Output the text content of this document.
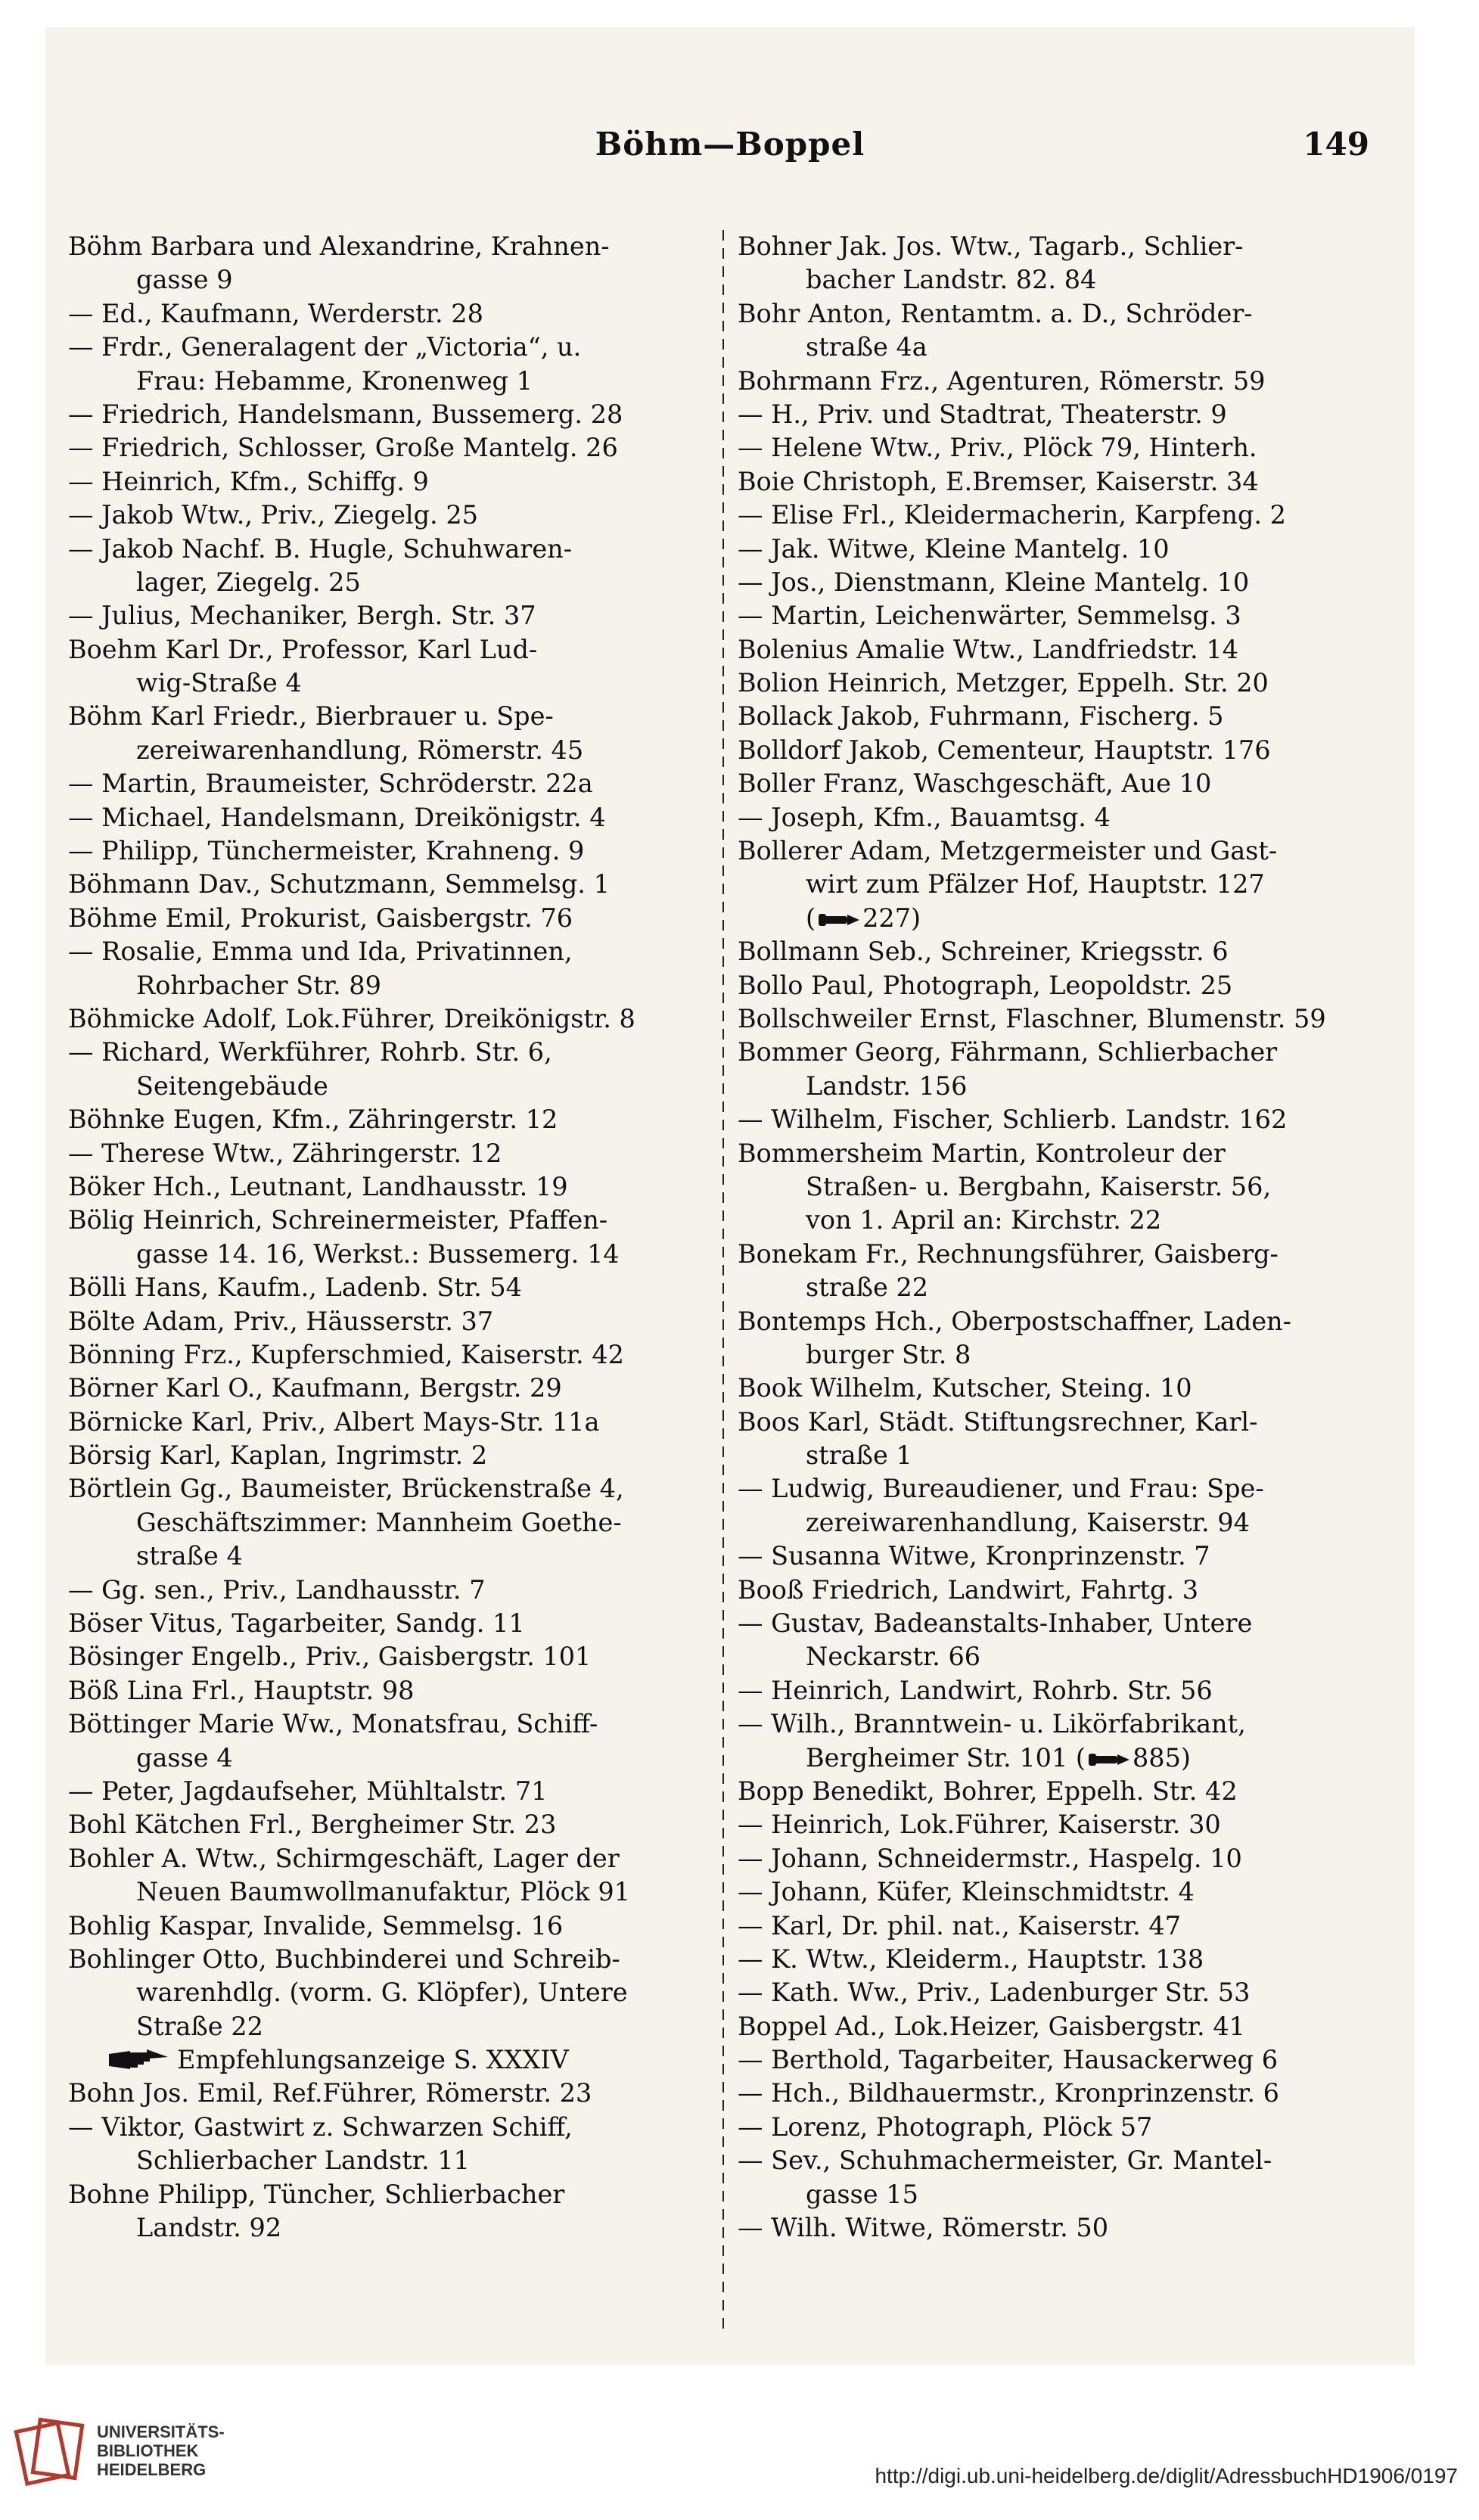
Böhm—Boppel	149
Böhm Barbara und Alexandrine, Krahnen-
gasse 9
— Ed., Kaufmann, Werderstr. 28
— Frdr., Generalagent der „Victoria“, u.
Frau: Hebamme, Kronenweg 1
— Friedrich, Handelsmann, Bussemerg. 28
— Friedrich, Schlosser, Große Mantelg. 26
— Heinrich, Kfm., Schiffg. 9
— Jakob Wtw., Priv., Ziegelg. 25
— Jakob Nachf. B. Hugle, Schuhwaren-
lager, Ziegelg. 25
— Julius, Mechaniker, Bergh. Str. 37
Boehm Karl Dr., Professor, Karl Lud-
wig-Straße 4
Böhm Karl Friedr., Bierbrauer u. Spe-
zereiwarenhandlung, Römerstr. 45
— Martin, Braumeister, Schröderstr. 22a
— Michael, Handelsmann, Dreikönigstr. 4
— Philipp, Tünchermeister, Krahneng. 9
Böhmann Dav., Schutzmann, Semmelsg. 1
Böhme Emil, Prokurist, Gaisbergstr. 76
— Rosalie, Emma und Ida, Privatinnen,
Rohrbacher Str. 89
Böhmicke Adolf, Lok.Führer, Dreikönigstr. 8
— Richard, Werkführer, Rohrb. Str. 6,
Seitengebäude
Böhnke Eugen, Kfm., Zähringerstr. 12
— Therese Wtw., Zähringerstr. 12
Böker Hch., Leutnant, Landhausstr. 19
Bölig Heinrich, Schreinermeister, Pfaffen-
gasse 14. 16, Werkst.: Bussemerg. 14
Bölli Hans, Kaufm., Ladenb. Str. 54
Bölte Adam, Priv., Häusserstr. 37
Bönning Frz., Kupferschmied, Kaiserstr. 42
Börner Karl O., Kaufmann, Bergstr. 29
Börnicke Karl, Priv., Albert Mays-Str. 11a
Börsig Karl, Kaplan, Ingrimstr. 2
Börtlein Gg., Baumeister, Brückenstraße 4,
Geschäftszimmer: Mannheim Goethe-
straße 4
— Gg. sen., Priv., Landhausstr. 7
Böser Vitus, Tagarbeiter, Sandg. 11
Bösinger Engelb., Priv., Gaisbergstr. 101
Böß Lina Frl., Hauptstr. 98
Böttinger Marie Ww., Monatsfrau, Schiff-
gasse 4
— Peter, Jagdaufseher, Mühltalstr. 71
Bohl Kätchen Frl., Bergheimer Str. 23
Bohler A. Wtw., Schirmgeschäft, Lager der
Neuen Baumwollmanufaktur, Plöck 91
Bohlig Kaspar, Invalide, Semmelsg. 16
Bohlinger Otto, Buchbinderei und Schreib-
warenhdlg. (vorm. G. Klöpfer), Untere
Straße 22
Empfehlungsanzeige S. XXXIV
Bohn Jos. Emil, Ref.Führer, Römerstr. 23
— Viktor, Gastwirt z. Schwarzen Schiff,
Schlierbacher Landstr. 11
Bohne Philipp, Tüncher, Schlierbacher
Landstr. 92
Bohner Jak. Jos. Wtw., Tagarb., Schlier-
bacher Landstr. 82. 84
Bohr Anton, Rentamtm. a. D., Schröder-
straße 4a
Bohrmann Frz., Agenturen, Römerstr. 59
— H., Priv. und Stadtrat, Theaterstr. 9
— Helene Wtw., Priv., Plöck 79, Hinterh.
Boie Christoph, E.Bremser, Kaiserstr. 34
— Elise Frl., Kleidermacherin, Karpfeng. 2
— Jak. Witwe, Kleine Mantelg. 10
— Jos., Dienstmann, Kleine Mantelg. 10
— Martin, Leichenwärter, Semmelsg. 3
Bolenius Amalie Wtw., Landfriedstr. 14
Bolion Heinrich, Metzger, Eppelh. Str. 20
Bollack Jakob, Fuhrmann, Fischerg. 5
Bolldorf Jakob, Cementeur, Hauptstr. 176
Boller Franz, Waschgeschäft, Aue 10
— Joseph, Kfm., Bauamtsg. 4
Bollerer Adam, Metzgermeister und Gast-
wirt zum Pfälzer Hof, Hauptstr. 127
( 227)
Bollmann Seb., Schreiner, Kriegsstr. 6
Bollo Paul, Photograph, Leopoldstr. 25
Bollschweiler Ernst, Flaschner, Blumenstr. 59
Bommer Georg, Fährmann, Schlierbacher
Landstr. 156
— Wilhelm, Fischer, Schlierb. Landstr. 162
Bommersheim Martin, Kontroleur der
Straßen- u. Bergbahn, Kaiserstr. 56,
von 1. April an: Kirchstr. 22
Bonekam Fr., Rechnungsführer, Gaisberg-
straße 22
Bontemps Hch., Oberpostschaffner, Laden-
burger Str. 8
Book Wilhelm, Kutscher, Steing. 10
Boos Karl, Städt. Stiftungsrechner, Karl-
straße 1
— Ludwig, Bureaudiener, und Frau: Spe-
zereiwarenhandlung, Kaiserstr. 94
— Susanna Witwe, Kronprinzenstr. 7
Booß Friedrich, Landwirt, Fahrtg. 3
— Gustav, Badeanstalts-Inhaber, Untere
Neckarstr. 66
— Heinrich, Landwirt, Rohrb. Str. 56
— Wilh., Branntwein- u. Likörfabrikant,
Bergheimer Str. 101 ( 885)
Bopp Benedikt, Bohrer, Eppelh. Str. 42
— Heinrich, Lok.Führer, Kaiserstr. 30
— Johann, Schneidermstr., Haspelg. 10
— Johann, Küfer, Kleinschmidtstr. 4
— Karl, Dr. phil. nat., Kaiserstr. 47
— K. Wtw., Kleiderm., Hauptstr. 138
— Kath. Ww., Priv., Ladenburger Str. 53
Boppel Ad., Lok.Heizer, Gaisbergstr. 41
— Berthold, Tagarbeiter, Hausackerweg 6
— Hch., Bildhauermstr., Kronprinzenstr. 6
— Lorenz, Photograph, Plöck 57
— Sev., Schuhmachermeister, Gr. Mantel-
gasse 15
— Wilh. Witwe, Römerstr. 50
UNIVERSITÄTS-
BIBLIOTHEK
HEIDELBERG	http://digi.ub.uni-heidelberg.de/diglit/AdressbuchHD1906/0197
